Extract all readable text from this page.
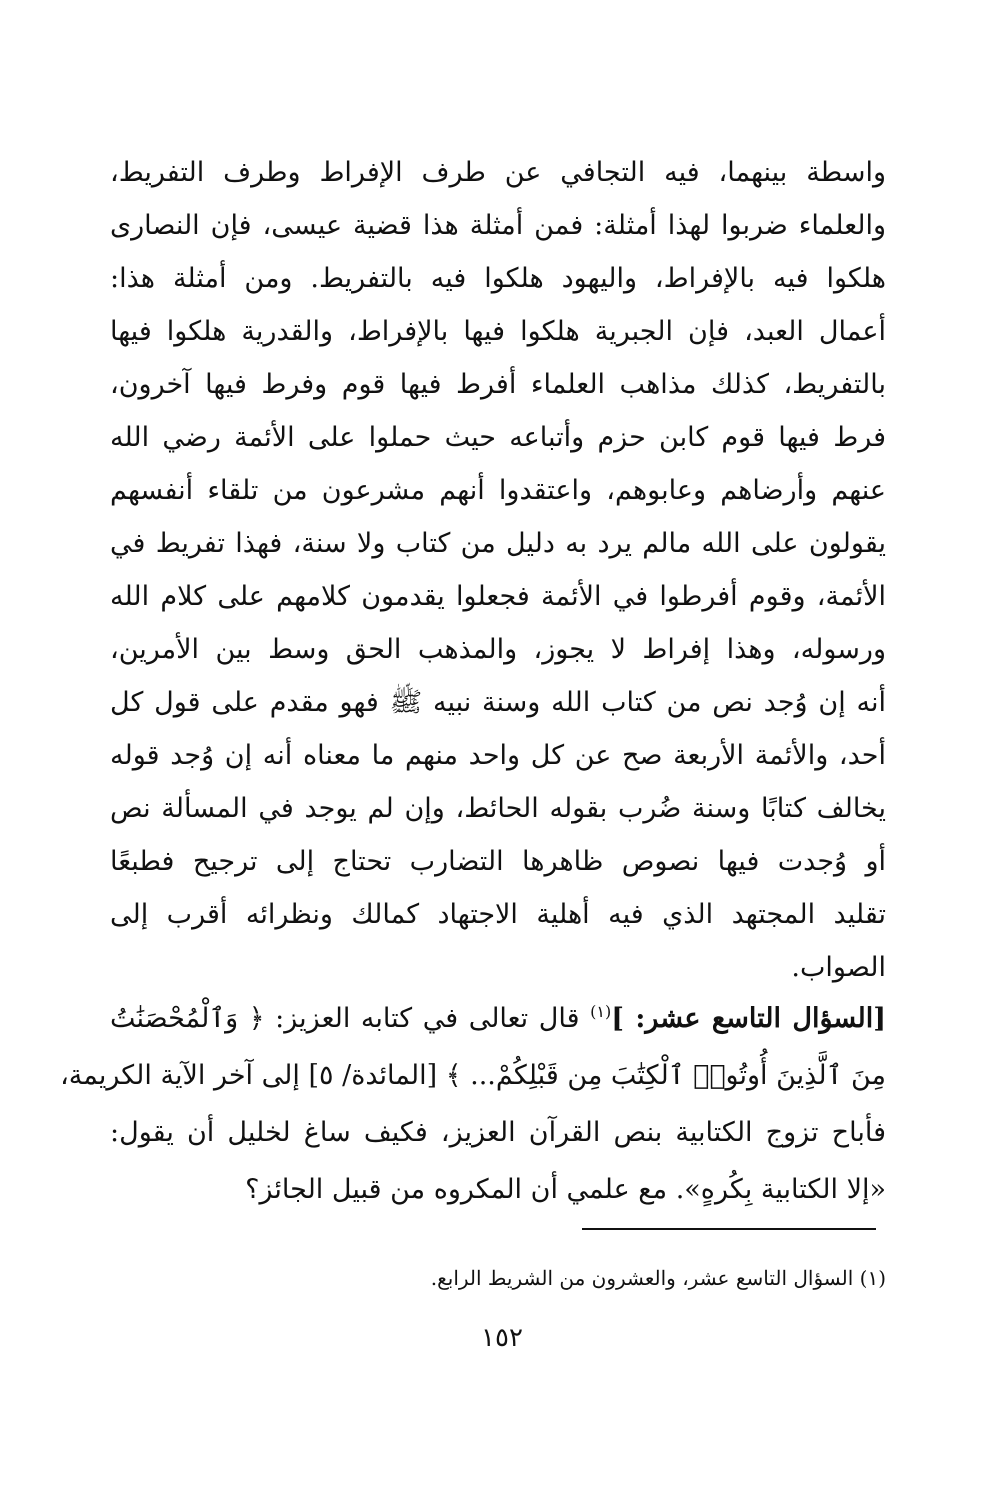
واسطة بينهما، فيه التجافي عن طرف الإفراط وطرف التفريط،
والعلماء ضربوا لهذا أمثلة: فمن أمثلة هذا قضية عيسى، فإن النصارى
هلكوا فيه بالإفراط، واليهود هلكوا فيه بالتفريط. ومن أمثلة هذا:
أعمال العبد، فإن الجبرية هلكوا فيها بالإفراط، والقدرية هلكوا فيها
بالتفريط، كذلك مذاهب العلماء أفرط فيها قوم وفرط فيها آخرون،
فرط فيها قوم كابن حزم وأتباعه حيث حملوا على الأئمة رضي الله
عنهم وأرضاهم وعابوهم، واعتقدوا أنهم مشرعون من تلقاء أنفسهم
يقولون على الله مالم يرد به دليل من كتاب ولا سنة، فهذا تفريط في
الأئمة، وقوم أفرطوا في الأئمة فجعلوا يقدمون كلامهم على كلام الله
ورسوله، وهذا إفراط لا يجوز، والمذهب الحق وسط بين الأمرين،
أنه إن وُجد نص من كتاب الله وسنة نبيه ﷺ فهو مقدم على قول كل
أحد، والأئمة الأربعة صح عن كل واحد منهم ما معناه أنه إن وُجد قوله
يخالف كتابًا وسنة ضُرب بقوله الحائط، وإن لم يوجد في المسألة نص
أو وُجدت فيها نصوص ظاهرها التضارب تحتاج إلى ترجيح فطبعًا
تقليد المجتهد الذي فيه أهلية الاجتهاد كمالك ونظرائه أقرب إلى
الصواب.
[السؤال التاسع عشر: ]$^{(١)}$ قال تعالى في كتابه العزيز: ﴿ وَٱلْمُحْصَنَٰتُ
مِنَ ٱلَّذِينَ أُوتُوا۟ ٱلْكِتَٰبَ مِن قَبْلِكُمْ... ﴾ [المائدة/ ٥] إلى آخر الآية الكريمة،
فأباح تزوج الكتابية بنص القرآن العزيز، فكيف ساغ لخليل أن يقول:
«إلا الكتابية بِكُرهٍ». مع علمي أن المكروه من قبيل الجائز؟
(١) السؤال التاسع عشر، والعشرون من الشريط الرابع.
١٥٢
